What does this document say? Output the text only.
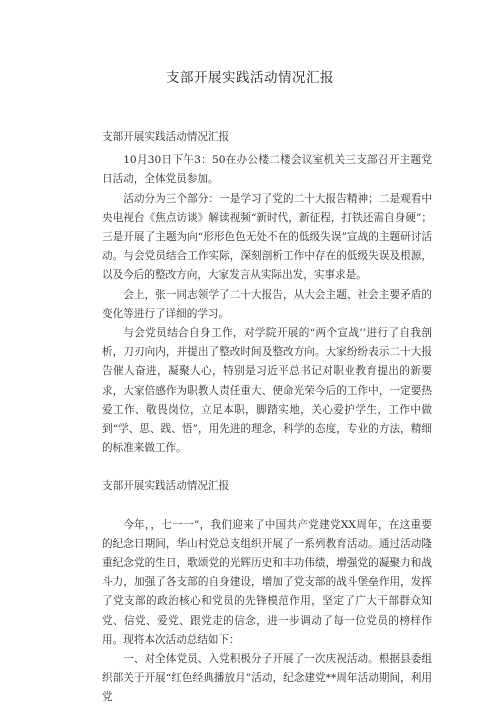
支部开展实践活动情况汇报

支部开展实践活动情况汇报

10月30日下午3：50在办公楼二楼会议室机关三支部召开主题党日活动，全体党员参加。

活动分为三个部分：一是学习了党的二十大报告精神；二是观看中央电视台《焦点访谈》解读视频“新时代，新征程，打铁还需自身硬”；三是开展了主题为向“形形色色无处不在的低级失误”宣战的主题研讨活动。与会党员结合工作实际，深刻剖析工作中存在的低级失误及根源，以及今后的整改方向，大家发言从实际出发，实事求是。

会上，张一同志领学了二十大报告，从大会主题、社会主要矛盾的变化等进行了详细的学习。

与会党员结合自身工作，对学院开展的“两个宣战’’进行了自我剖析，刀刃向内，并提出了整改时间及整改方向。大家纷纷表示二十大报告催人奋进，凝聚人心，特别是习近平总书记对职业教育提出的新要求，大家倍感作为职教人责任重大、使命光荣今后的工作中，一定要热爱工作、敬畏岗位，立足本职，脚踏实地，关心爱护学生，工作中做到“学、思、践、悟”，用先进的理念，科学的态度，专业的方法，精细的标准来做工作。

支部开展实践活动情况汇报

今年，，七一一”，我们迎来了中国共产党建党XX周年，在这重要的纪念日期间，华山村党总支组织开展了一系列教育活动。通过活动隆重纪念党的生日，歌颂党的光辉历史和丰功伟绩，增强党的凝聚力和战斗力，加强了各支部的自身建设，增加了党支部的战斗堡垒作用，发挥了党支部的政治核心和党员的先锋模范作用，坚定了广大干部群众知党、信党、爱党、跟党走的信念，进一步调动了每一位党员的榜样作用。现将本次活动总结如下：

一、对全体党员、入党积极分子开展了一次庆祝活动。根据县委组织部关于开展“红色经典播放月”活动，纪念建党**周年活动期间，利用党
